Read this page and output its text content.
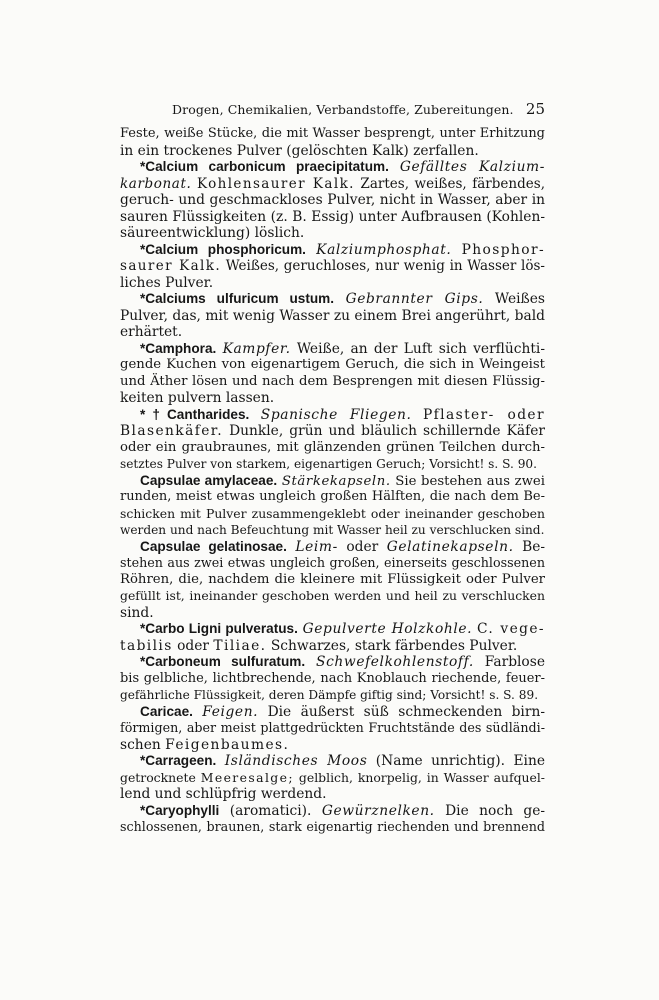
Drogen, Chemikalien, Verbandstoffe, Zubereitungen. 25
Feste, weiße Stücke, die mit Wasser besprengt, unter Erhitzung
in ein trockenes Pulver (gelöschten Kalk) zerfallen.
*Calcium carbonicum praecipitatum. Gefälltes Kalzium-
karbonat. Kohlensaurer Kalk. Zartes, weißes, färbendes,
geruch- und geschmackloses Pulver, nicht in Wasser, aber in
sauren Flüssigkeiten (z. B. Essig) unter Aufbrausen (Kohlen-
säureentwicklung) löslich.
*Calcium phosphoricum. Kalziumphosphat. Phosphor-
saurer Kalk. Weißes, geruchloses, nur wenig in Wasser lös-
liches Pulver.
*Calciums ulfuricum ustum. Gebrannter Gips. Weißes
Pulver, das, mit wenig Wasser zu einem Brei angerührt, bald
erhärtet.
*Camphora. Kampfer. Weiße, an der Luft sich verflüchti-
gende Kuchen von eigenartigem Geruch, die sich in Weingeist
und Äther lösen und nach dem Besprengen mit diesen Flüssig-
keiten pulvern lassen.
*†Cantharides. Spanische Fliegen. Pflaster- oder
Blasenkäfer. Dunkle, grün und bläulich schillernde Käfer
oder ein graubraunes, mit glänzenden grünen Teilchen durch-
setztes Pulver von starkem, eigenartigen Geruch; Vorsicht! s. S. 90.
Capsulae amylaceae. Stärkekapseln. Sie bestehen aus zwei
runden, meist etwas ungleich großen Hälften, die nach dem Be-
schicken mit Pulver zusammengeklebt oder ineinander geschoben
werden und nach Befeuchtung mit Wasser heil zu verschlucken sind.
Capsulae gelatinosae. Leim- oder Gelatinekapseln. Be-
stehen aus zwei etwas ungleich großen, einerseits geschlossenen
Röhren, die, nachdem die kleinere mit Flüssigkeit oder Pulver
gefüllt ist, ineinander geschoben werden und heil zu verschlucken
sind.
*Carbo Ligni pulveratus. Gepulverte Holzkohle. C. vege-
tabilis oder Tiliae. Schwarzes, stark färbendes Pulver.
*Carboneum sulfuratum. Schwefelkohlenstoff. Farblose
bis gelbliche, lichtbrechende, nach Knoblauch riechende, feuer-
gefährliche Flüssigkeit, deren Dämpfe giftig sind; Vorsicht! s. S. 89.
Caricae. Feigen. Die äußerst süß schmeckenden birn-
förmigen, aber meist plattgedrückten Fruchtstände des südländi-
schen Feigenbaumes.
*Carrageen. Isländisches Moos (Name unrichtig). Eine
getrocknete Meeresalge; gelblich, knorpelig, in Wasser aufquel-
lend und schlüpfrig werdend.
*Caryophylli (aromatici). Gewürznelken. Die noch ge-
schlossenen, braunen, stark eigenartig riechenden und brennend
